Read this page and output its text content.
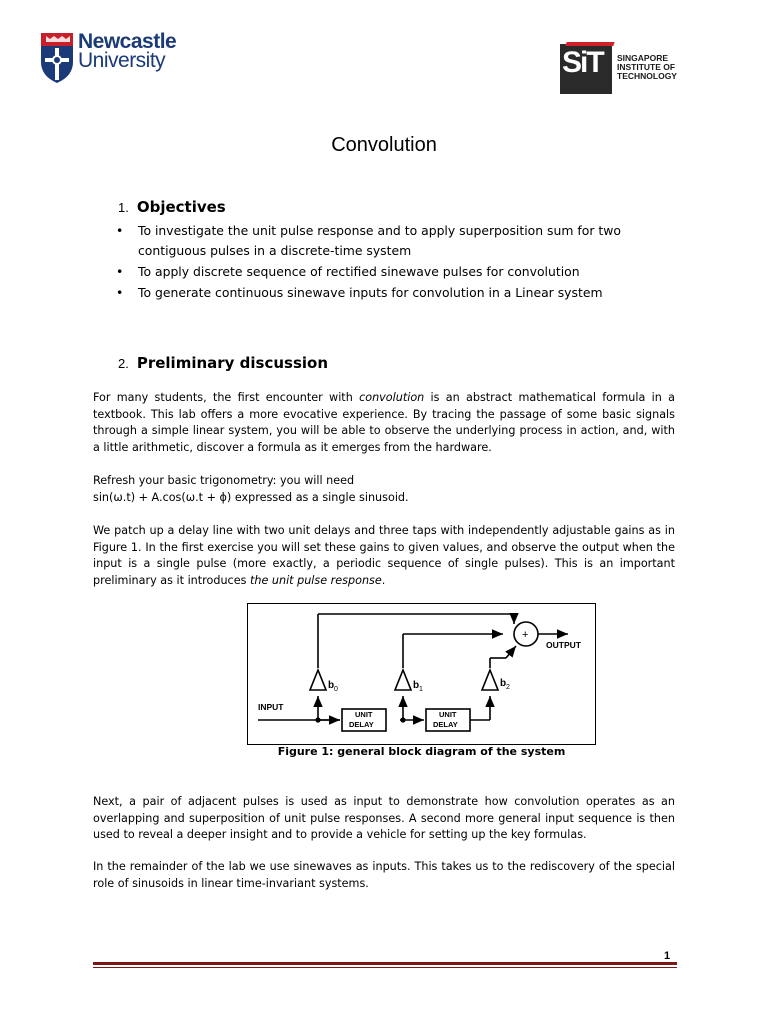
Newcastle
University	SiT SINGAPORE
INSTITUTE OF
TECHNOLOGY
Convolution
1. Objectives
• To investigate the unit pulse response and to apply superposition sum for two contiguous pulses in a discrete-time system
• To apply discrete sequence of rectified sinewave pulses for convolution
• To generate continuous sinewave inputs for convolution in a Linear system
2. Preliminary discussion
For many students, the first encounter with convolution is an abstract mathematical formula in a textbook. This lab offers a more evocative experience. By tracing the passage of some basic signals through a simple linear system, you will be able to observe the underlying process in action, and, with a little arithmetic, discover a formula as it emerges from the hardware.
Refresh your basic trigonometry: you will need
sin(ω.t) + A.cos(ω.t + ϕ) expressed as a single sinusoid.
We patch up a delay line with two unit delays and three taps with independently adjustable gains as in Figure 1. In the first exercise you will set these gains to given values, and observe the output when the input is a single pulse (more exactly, a periodic sequence of single pulses). This is an important preliminary as it introduces the unit pulse response.
INPUT
OUTPUT
+
UNIT
DELAY
UNIT
DELAY
b 0	b 1
b 2
Figure 1: general block diagram of the system
Next, a pair of adjacent pulses is used as input to demonstrate how convolution operates as an overlapping and superposition of unit pulse responses. A second more general input sequence is then used to reveal a deeper insight and to provide a vehicle for setting up the key formulas.
In the remainder of the lab we use sinewaves as inputs. This takes us to the rediscovery of the special role of sinusoids in linear time-invariant systems.
1
